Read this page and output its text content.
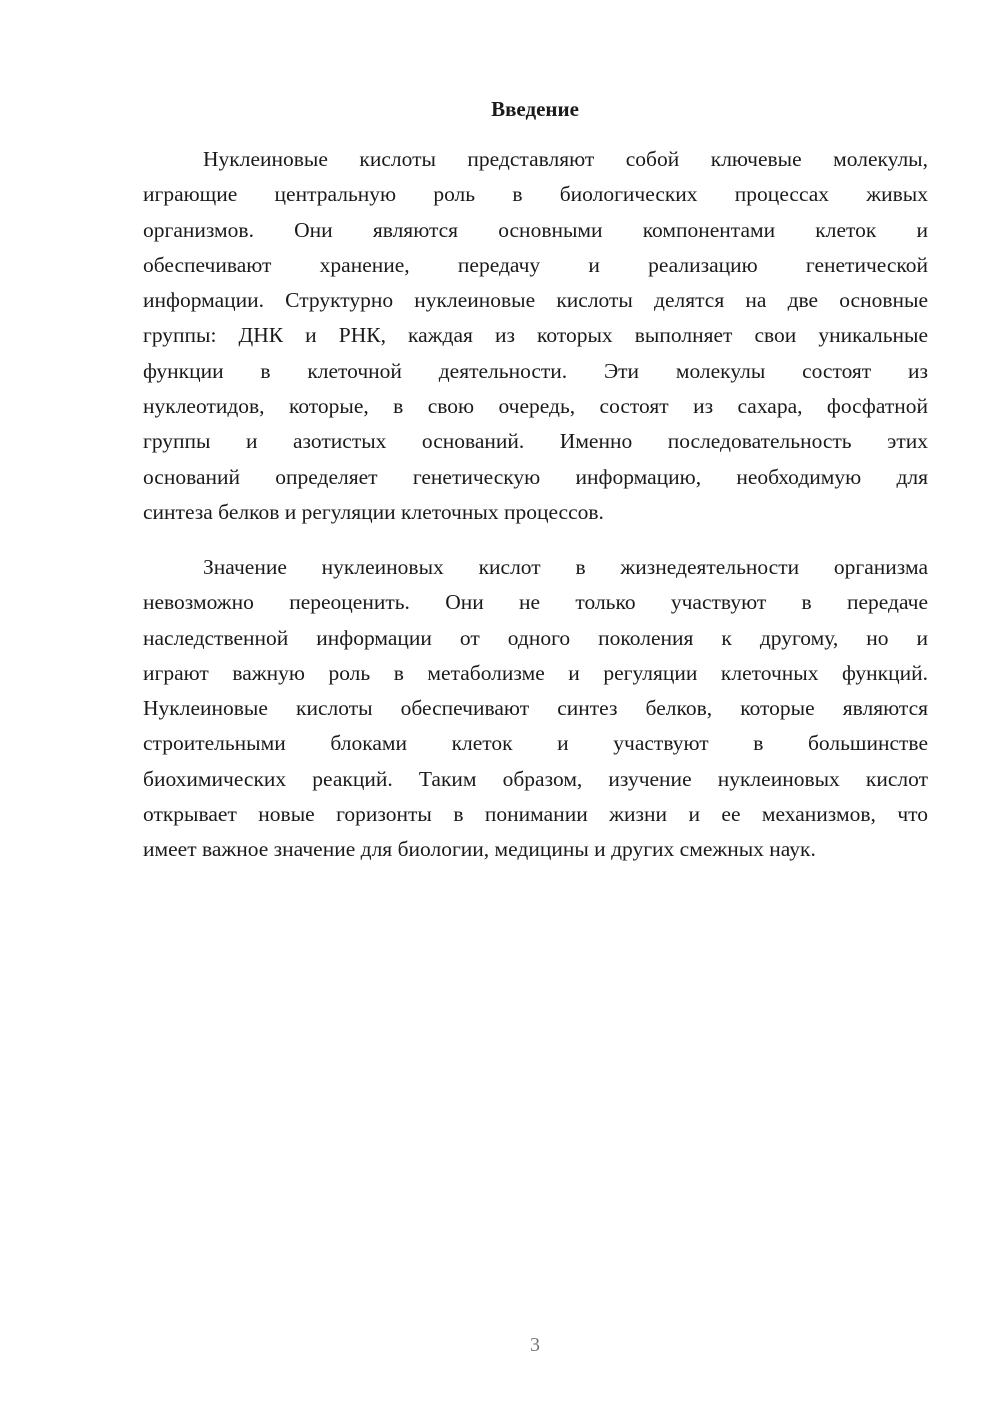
Введение
Нуклеиновые кислоты представляют собой ключевые молекулы,
играющие центральную роль в биологических процессах живых
организмов. Они являются основными компонентами клеток и
обеспечивают хранение, передачу и реализацию генетической
информации. Структурно нуклеиновые кислоты делятся на две основные
группы: ДНК и РНК, каждая из которых выполняет свои уникальные
функции в клеточной деятельности. Эти молекулы состоят из
нуклеотидов, которые, в свою очередь, состоят из сахара, фосфатной
группы и азотистых оснований. Именно последовательность этих
оснований определяет генетическую информацию, необходимую для
синтеза белков и регуляции клеточных процессов.
Значение нуклеиновых кислот в жизнедеятельности организма
невозможно переоценить. Они не только участвуют в передаче
наследственной информации от одного поколения к другому, но и
играют важную роль в метаболизме и регуляции клеточных функций.
Нуклеиновые кислоты обеспечивают синтез белков, которые являются
строительными блоками клеток и участвуют в большинстве
биохимических реакций. Таким образом, изучение нуклеиновых кислот
открывает новые горизонты в понимании жизни и ее механизмов, что
имеет важное значение для биологии, медицины и других смежных наук.
3
